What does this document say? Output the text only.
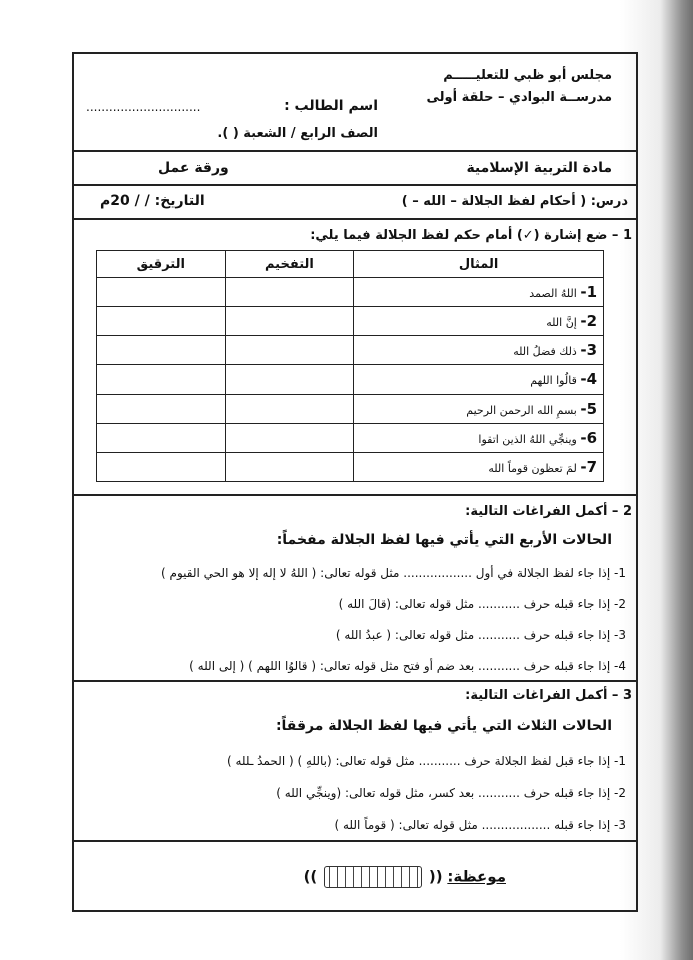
مجلس أبو ظبي للتعليـــــم
مدرســة البوادي – حلقة أولى
اسم الطالب :
..............................
الصف الرابع / الشعبة ( ).
مادة التربية الإسلامية
ورقة عمل
درس: ( أحكام لفظ الجلالة – الله – )
التاريخ: / / 20م
1 – ضع إشارة (✓) أمام حكم لفظ الجلالة فيما يلي:
المثال	التفخيم	الترقيق
1- اللهُ الصمد		
2- إنَّ الله		
3- ذلك فضلُ الله		
4- قالُوا اللهم		
5- بسمِ الله الرحمن الرحيم		
6- وينجِّي اللهُ الذين اتقوا		
7- لمَ تعظون قوماً الله		
2 – أكمل الفراغات التالية:
الحالات الأربع التي يأتي فيها لفظ الجلالة مفخماً:
1- إذا جاء لفظ الجلالة في أول .................. مثل قوله تعالى: ( اللهُ لا إله إلا هو الحي القيوم )
2- إذا جاء قبله حرف ........... مثل قوله تعالى: (قالَ الله )
3- إذا جاء قبله حرف ........... مثل قوله تعالى: ( عبدُ الله )
4- إذا جاء قبله حرف ........... بعد ضم أو فتح مثل قوله تعالى: ( قالوُا اللهم ) ( إلى الله )
3 – أكمل الفراغات التالية:
الحالات الثلاث التي يأتي فيها لفظ الجلالة مرققاً:
1- إذا جاء قبل لفظ الجلالة حرف ........... مثل قوله تعالى: (باللهِ ) ( الحمدُ ـلله )
2- إذا جاء قبله حرف ........... بعد كسر، مثل قوله تعالى: (وينجِّي الله )
3- إذا جاء قبله .................. مثل قوله تعالى: ( قوماً الله )
موعظة: ((  ))
